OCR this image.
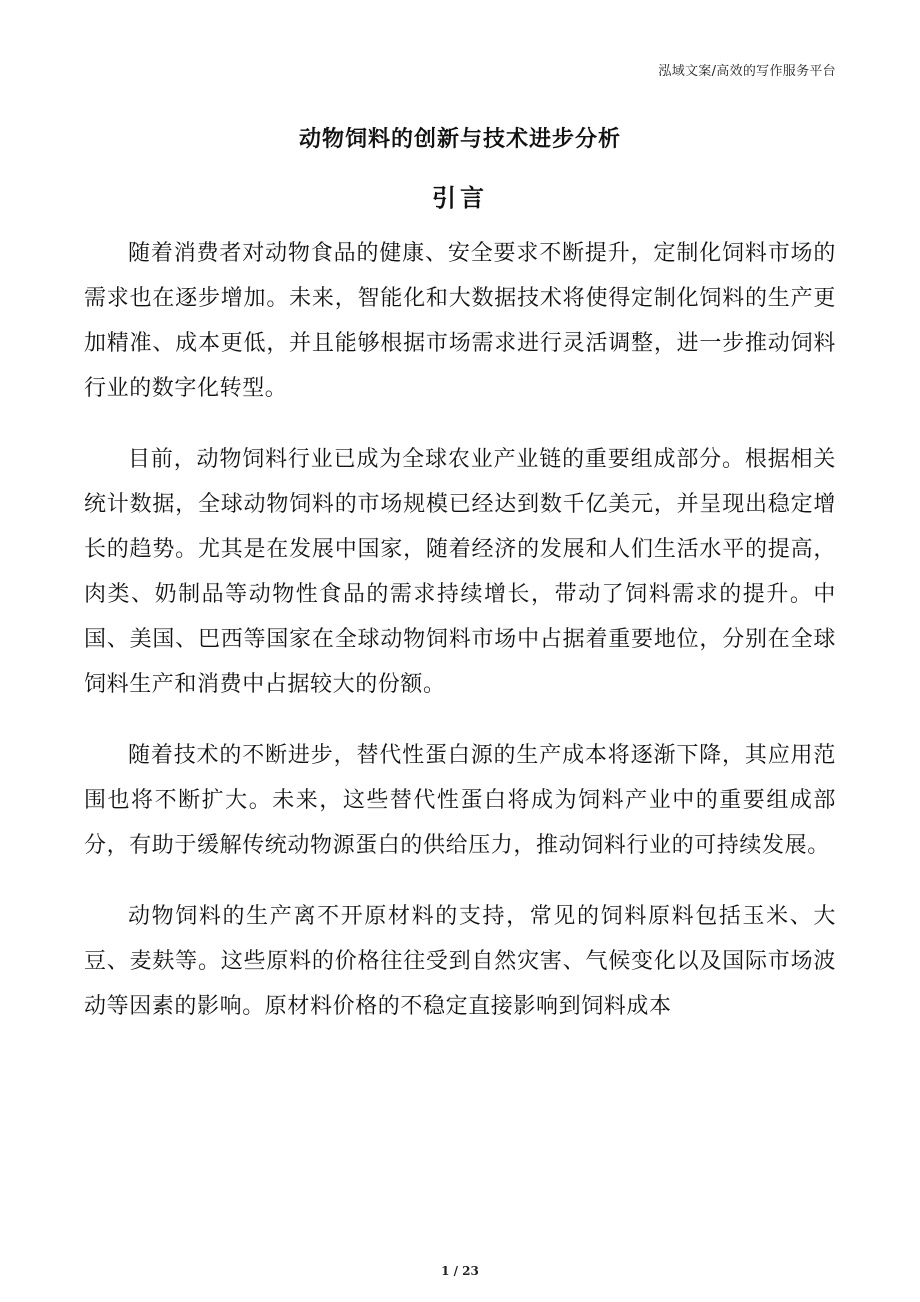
泓域文案/高效的写作服务平台
动物饲料的创新与技术进步分析
引言

随着消费者对动物食品的健康、安全要求不断提升，定制化饲料市场的需求也在逐步增加。未来，智能化和大数据技术将使得定制化饲料的生产更加精准、成本更低，并且能够根据市场需求进行灵活调整，进一步推动饲料行业的数字化转型。

目前，动物饲料行业已成为全球农业产业链的重要组成部分。根据相关统计数据，全球动物饲料的市场规模已经达到数千亿美元，并呈现出稳定增长的趋势。尤其是在发展中国家，随着经济的发展和人们生活水平的提高，肉类、奶制品等动物性食品的需求持续增长，带动了饲料需求的提升。中国、美国、巴西等国家在全球动物饲料市场中占据着重要地位，分别在全球饲料生产和消费中占据较大的份额。

随着技术的不断进步，替代性蛋白源的生产成本将逐渐下降，其应用范围也将不断扩大。未来，这些替代性蛋白将成为饲料产业中的重要组成部分，有助于缓解传统动物源蛋白的供给压力，推动饲料行业的可持续发展。

动物饲料的生产离不开原材料的支持，常见的饲料原料包括玉米、大豆、麦麸等。这些原料的价格往往受到自然灾害、气候变化以及国际市场波动等因素的影响。原材料价格的不稳定直接影响到饲料成本

1 / 23
